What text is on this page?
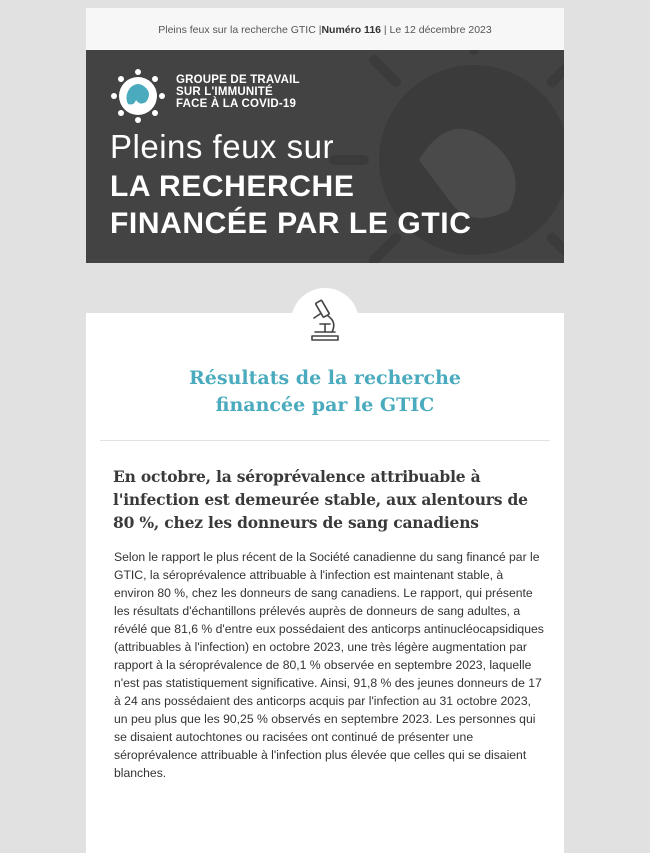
Pleins feux sur la recherche GTIC |Numéro 116 | Le 12 décembre 2023
GROUPE DE TRAVAIL
SUR L'IMMUNITÉ
FACE À LA COVID-19
Pleins feux sur
LA RECHERCHE
FINANCÉE PAR LE GTIC
Résultats de la recherche
financée par le GTIC
En octobre, la séroprévalence attribuable à l'infection est demeurée stable, aux alentours de 80 %, chez les donneurs de sang canadiens
Selon le rapport le plus récent de la Société canadienne du sang financé par le GTIC, la séroprévalence attribuable à l'infection est maintenant stable, à environ 80 %, chez les donneurs de sang canadiens. Le rapport, qui présente les résultats d'échantillons prélevés auprès de donneurs de sang adultes, a révélé que 81,6 % d'entre eux possédaient des anticorps antinucléocapsidiques (attribuables à l'infection) en octobre 2023, une très légère augmentation par rapport à la séroprévalence de 80,1 % observée en septembre 2023, laquelle n'est pas statistiquement significative. Ainsi, 91,8 % des jeunes donneurs de 17 à 24 ans possédaient des anticorps acquis par l'infection au 31 octobre 2023, un peu plus que les 90,25 % observés en septembre 2023. Les personnes qui se disaient autochtones ou racisées ont continué de présenter une séroprévalence attribuable à l'infection plus élevée que celles qui se disaient blanches.
